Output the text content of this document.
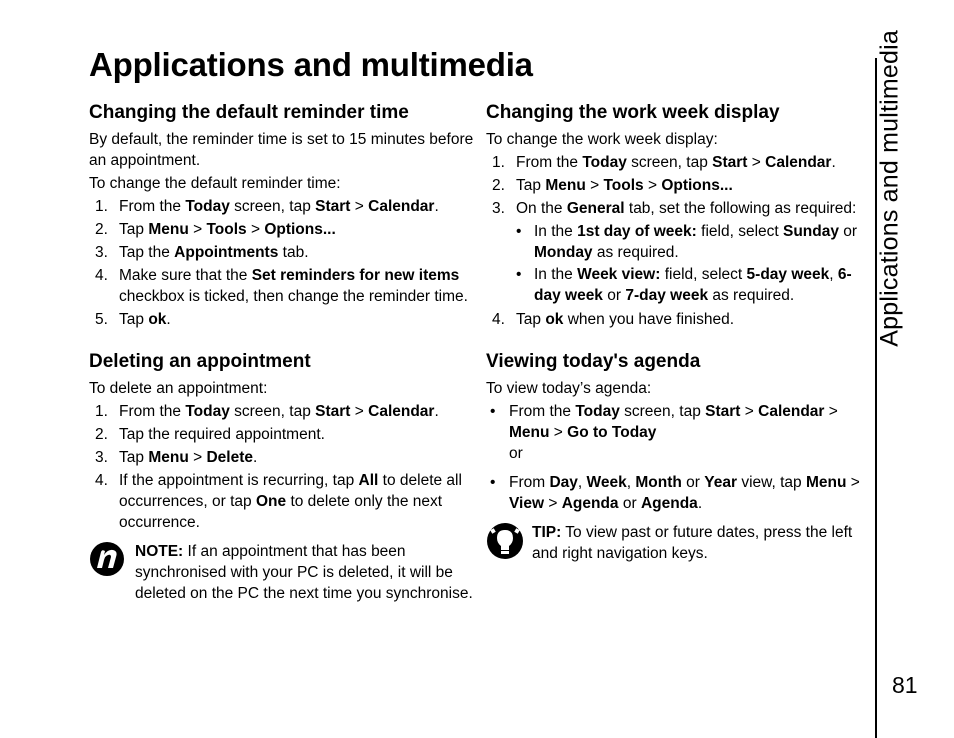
Applications and multimedia
Changing the default reminder time

By default, the reminder time is set to 15 minutes before an appointment.

To change the default reminder time:

1. From the Today screen, tap Start > Calendar.
2. Tap Menu > Tools > Options...
3. Tap the Appointments tab.
4. Make sure that the Set reminders for new items checkbox is ticked, then change the reminder time.
5. Tap ok.
Deleting an appointment

To delete an appointment:

1. From the Today screen, tap Start > Calendar.
2. Tap the required appointment.
3. Tap Menu > Delete.
4. If the appointment is recurring, tap All to delete all occurrences, or tap One to delete only the next occurrence.
NOTE: If an appointment that has been synchronised with your PC is deleted, it will be deleted on the PC the next time you synchronise.
Changing the work week display

To change the work week display:

1. From the Today screen, tap Start > Calendar.
2. Tap Menu > Tools > Options...
3. On the General tab, set the following as required:
• In the 1st day of week: field, select Sunday or Monday as required.
• In the Week view: field, select 5-day week, 6-day week or 7-day week as required.
4. Tap ok when you have finished.
Viewing today's agenda

To view today’s agenda:

• From the Today screen, tap Start > Calendar > Menu > Go to Today
or
• From Day, Week, Month or Year view, tap Menu > View > Agenda or Agenda.
TIP: To view past or future dates, press the left and right navigation keys.
Applications and multimedia
81
